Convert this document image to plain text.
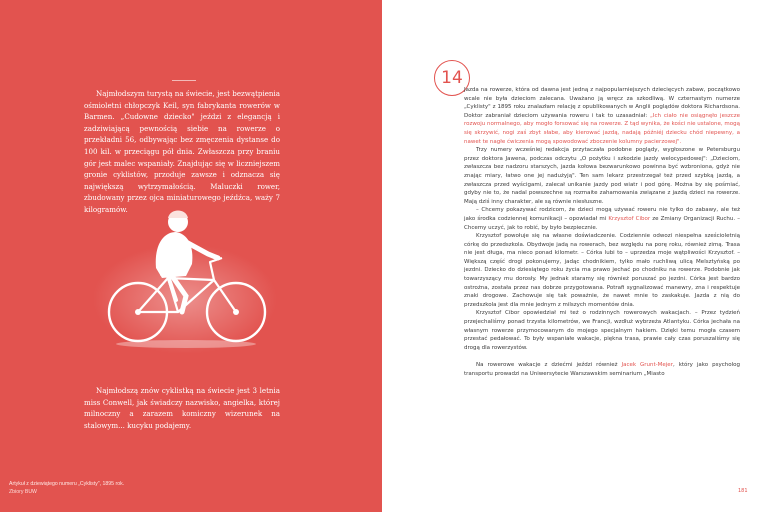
Najmłodszym turystą na świecie, jest bezwątpienia ośmioletni chłopczyk Keil, syn fabrykanta rowerów w Barmen. „Cudowne dziecko" jeździ z elegancją i zadziwiającą pewnością siebie na rowerze o przekładni 56, odbywając bez zmęczenia dystanse do 100 kil. w przeciągu pół dnia. Zwłaszcza przy braniu gór jest malec wspaniały. Znajdując się w liczniejszem gronie cyklistów, przoduje zawsze i odznacza się największą wytrzymałością. Maluczki rower, zbudowany przez ojca miniaturowego jeźdźca, waży 7 kilogramów.

Najmłodszą znów cyklistką na świecie jest 3 letnia miss Conwell, jak świadczy nazwisko, angielka, której milnoczny a zarazem komiczny wizerunek na stalowym... kucyku podajemy.

Artykuł z dziewiątego numeru „Cyklisty", 1895 rok.
Zbiory BUW
14

Jazda na rowerze, która od dawna jest jedną z najpopularniejszych dziecięcych zabaw, początkowo wcale nie była dzieciom zalecana. Uważano ją wręcz za szkodliwą. W czternastym numerze „Cyklisty" z 1895 roku znalazłam relację z opublikowanych w Anglii poglądów doktora Richardsona. Doktor zabraniał dzieciom używania roweru i tak to uzasadniał: „Ich ciało nie osiągnęło jeszcze rozwoju normalnego, aby mogło forsować się na rowerze. Z tąd wynika, że kości nie ustalone, mogą się skrzywić, nogi zaś zbyt słabe, aby kierować jazdą, nadają późniéj dziecku chód niepewny, a nawet te nagłe ćwiczenia mogą spowodować zboczenie kolumny pacierzowej".

Trzy numery wcześniej redakcja przytaczała podobne poglądy, wygłoszone w Petersburgu przez doktora Jawena, podczas odczytu „O pożytku i szkodzie jazdy welocypedowej": „Dzieciom, zwłaszcza bez nadzoru starszych, jazda kołowa bezwarunkowo powinna być wzbroniona, gdyż nie znając miary, łatwo one jej nadużyją". Ten sam lekarz przestrzegał też przed szybką jazdą, a zwłaszcza przed wyścigami, zalecał unikanie jazdy pod wiatr i pod górę. Można by się pośmiać, gdyby nie to, że nadal powszechne są rozmaite zahamowania związane z jazdą dzieci na rowerze. Mają dziś inny charakter, ale są równie niesłuszne.

– Chcemy pokazywać rodzicom, że dzieci mogą używać roweru nie tylko do zabawy, ale też jako środka codziennej komunikacji – opowiadał mi Krzysztof Cibor ze Zmiany Organizacji Ruchu. – Chcemy uczyć, jak to robić, by było bezpiecznie.

Krzysztof powołuje się na własne doświadczenie. Codziennie odwozi niespełna sześcioletnią córkę do przedszkola. Obydwoje jadą na rowerach, bez względu na porę roku, również zimą. Trasa nie jest długa, ma nieco ponad kilometr. – Córka lubi to – uprzedza moje wątpliwości Krzysztof. – Większą część drogi pokonujemy, jadąc chodnikiem, tylko mało ruchliwą ulicą Melsztyńską po jezdni. Dziecko do dziesiątego roku życia ma prawo jechać po chodniku na rowerze. Podobnie jak towarzyszący mu dorosły. My jednak staramy się również poruszać po jezdni. Córka jest bardzo ostrożna, została przez nas dobrze przygotowana. Potrafi sygnalizować manewry, zna i respektuje znaki drogowe. Zachowuje się tak poważnie, że nawet mnie to zaskakuje. Jazda z nią do przedszkola jest dla mnie jednym z milszych momentów dnia.

Krzysztof Cibor opowiedział mi też o rodzinnych rowerowych wakacjach. – Przez tydzień przejechaliśmy ponad trzysta kilometrów, we Francji, wzdłuż wybrzeża Atlantyku. Córka jechała na własnym rowerze przymocowanym do mojego specjalnym hakiem. Dzięki temu mogła czasem przestać pedałować. To były wspaniałe wakacje, piękna trasa, prawie cały czas poruszaliśmy się drogą dla rowerzystów.

Na rowerowe wakacje z dziećmi jeździ również Jacek Grunt-Mejer, który jako psycholog transportu prowadzi na Uniwersytecie Warszawskim seminarium „Miasto

181
